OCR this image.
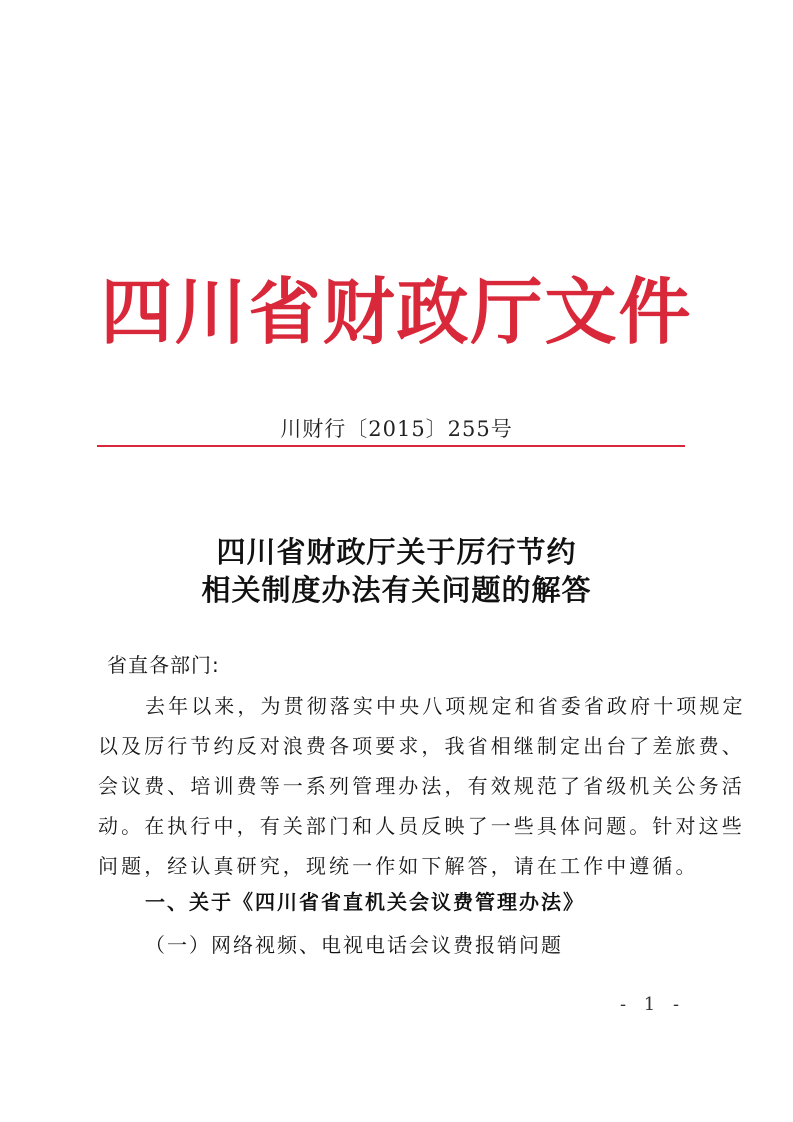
四川省财政厅文件
川财行〔2015〕255号
四川省财政厅关于厉行节约
相关制度办法有关问题的解答
省直各部门:
去年以来，为贯彻落实中央八项规定和省委省政府十项规定
以及厉行节约反对浪费各项要求，我省相继制定出台了差旅费、
会议费、培训费等一系列管理办法，有效规范了省级机关公务活
动。在执行中，有关部门和人员反映了一些具体问题。针对这些
问题，经认真研究，现统一作如下解答，请在工作中遵循。
一、关于《四川省省直机关会议费管理办法》
（一）网络视频、电视电话会议费报销问题
- 1 -
